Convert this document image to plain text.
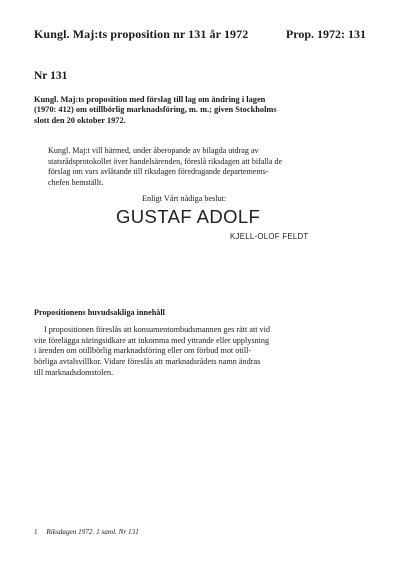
Kungl. Maj:ts proposition nr 131 år 1972	Prop. 1972: 131
Nr 131
Kungl. Maj:ts proposition med förslag till lag om ändring i lagen
(1970: 412) om otillbörlig marknadsföring, m. m.; given Stockholms
slott den 20 oktober 1972.
Kungl. Maj:t vill härmed, under åberopande av bilagda utdrag av
statsrådsprotokollet över handelsärenden, föreslå riksdagen att bifalla de
förslag om vars avlåtande till riksdagen föredragande departements-
chefen hemställt.
Enligt Vårt nådiga beslut:
GUSTAF ADOLF
KJELL-OLOF FELDT
Propositionens huvudsakliga innehåll
I propositionen föreslås att konsumentombudsmannen ges rätt att vid
vite förelägga näringsidkare att inkomma med yttrande eller upplysning
i ärenden om otillbörlig marknadsföring eller om förbud mot otill-
börliga avtalsvillkor. Vidare föreslås att marknadsrådets namn ändras
till marknadsdomstolen.
1 Riksdagen 1972. 1 saml. Nr 131
